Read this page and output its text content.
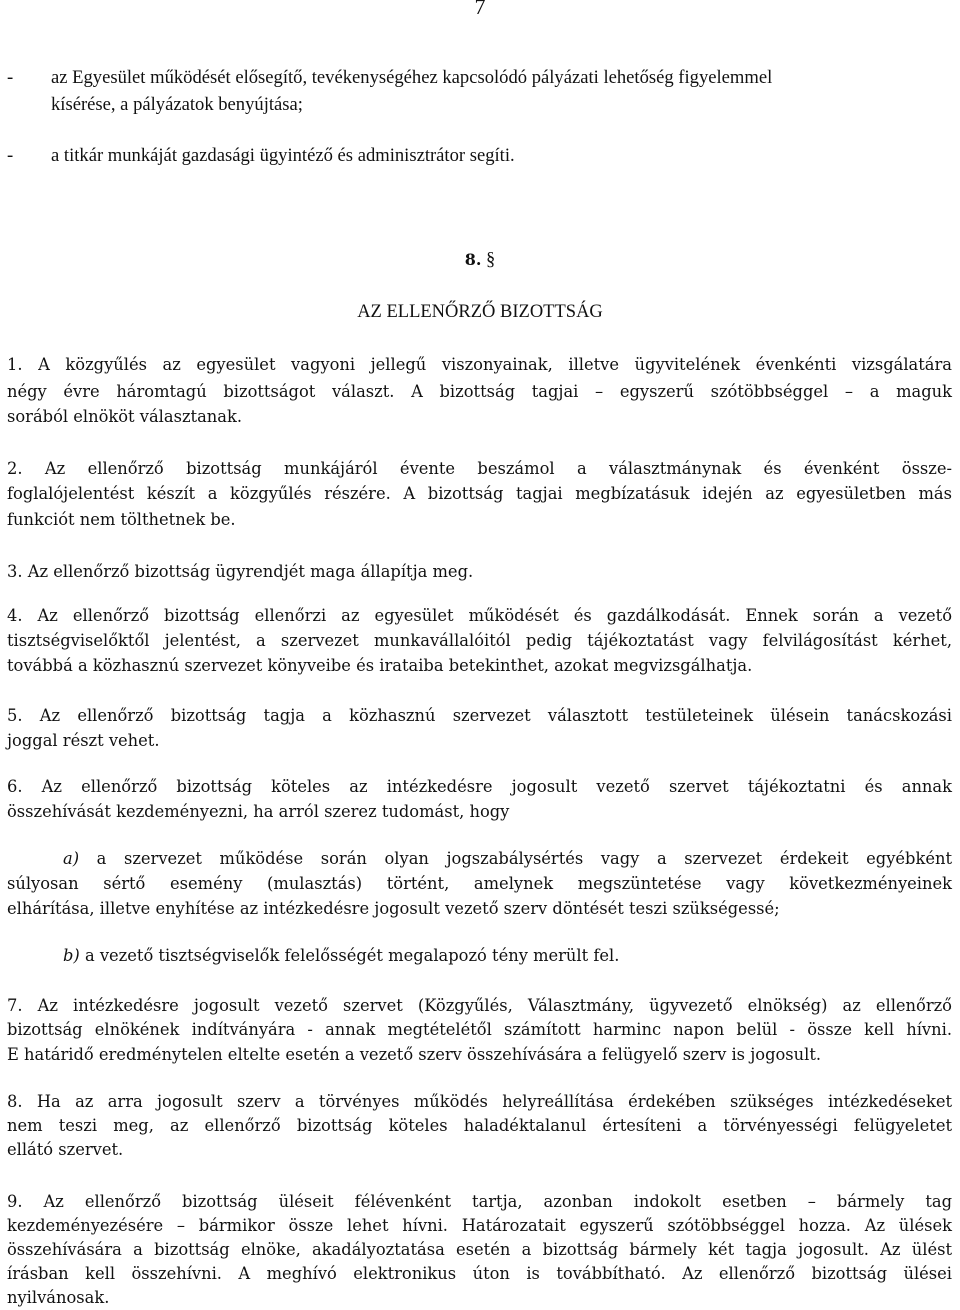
7
- az Egyesület működését elősegítő, tevékenységéhez kapcsolódó pályázati lehetőség figyelemmel
kísérése, a pályázatok benyújtása;
- a titkár munkáját gazdasági ügyintéző és adminisztrátor segíti.
8. §
AZ ELLENŐRZŐ BIZOTTSÁG
1. A közgyűlés az egyesület vagyoni jellegű viszonyainak, illetve ügyvitelének évenkénti vizsgálatára
négy évre háromtagú bizottságot választ. A bizottság tagjai – egyszerű szótöbbséggel – a maguk
sorából elnököt választanak.
2. Az ellenőrző bizottság munkájáról évente beszámol a választmánynak és évenként össze-
foglalójelentést készít a közgyűlés részére. A bizottság tagjai megbízatásuk idején az egyesületben más
funkciót nem tölthetnek be.
3. Az ellenőrző bizottság ügyrendjét maga állapítja meg.
4. Az ellenőrző bizottság ellenőrzi az egyesület működését és gazdálkodását. Ennek során a vezető
tisztségviselőktől jelentést, a szervezet munkavállalóitól pedig tájékoztatást vagy felvilágosítást kérhet,
továbbá a közhasznú szervezet könyveibe és irataiba betekinthet, azokat megvizsgálhatja.
5. Az ellenőrző bizottság tagja a közhasznú szervezet választott testületeinek ülésein tanácskozási
joggal részt vehet.
6. Az ellenőrző bizottság köteles az intézkedésre jogosult vezető szervet tájékoztatni és annak
összehívását kezdeményezni, ha arról szerez tudomást, hogy
a) a szervezet működése során olyan jogszabálysértés vagy a szervezet érdekeit egyébként
súlyosan sértő esemény (mulasztás) történt, amelynek megszüntetése vagy következményeinek
elhárítása, illetve enyhítése az intézkedésre jogosult vezető szerv döntését teszi szükségessé;
b) a vezető tisztségviselők felelősségét megalapozó tény merült fel.
7. Az intézkedésre jogosult vezető szervet (Közgyűlés, Választmány, ügyvezető elnökség) az ellenőrző
bizottság elnökének indítványára - annak megtételétől számított harminc napon belül - össze kell hívni.
E határidő eredménytelen eltelte esetén a vezető szerv összehívására a felügyelő szerv is jogosult.
8. Ha az arra jogosult szerv a törvényes működés helyreállítása érdekében szükséges intézkedéseket
nem teszi meg, az ellenőrző bizottság köteles haladéktalanul értesíteni a törvényességi felügyeletet
ellátó szervet.
9. Az ellenőrző bizottság üléseit félévenként tartja, azonban indokolt esetben – bármely tag
kezdeményezésére – bármikor össze lehet hívni. Határozatait egyszerű szótöbbséggel hozza. Az ülések
összehívására a bizottság elnöke, akadályoztatása esetén a bizottság bármely két tagja jogosult. Az ülést
írásban kell összehívni. A meghívó elektronikus úton is továbbítható. Az ellenőrző bizottság ülései
nyilvánosak.
